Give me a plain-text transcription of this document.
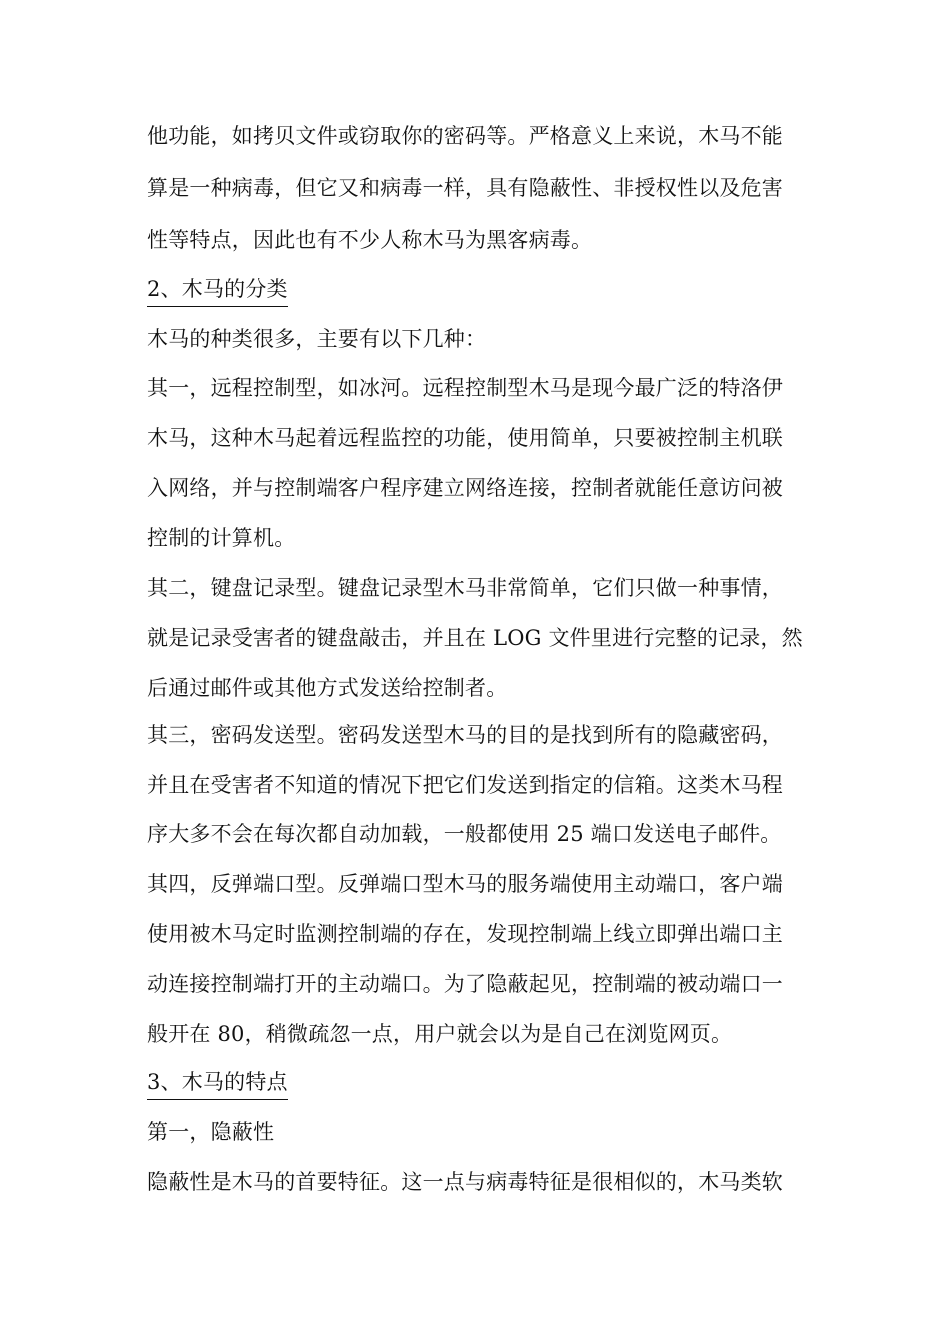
他功能，如拷贝文件或窃取你的密码等。严格意义上来说，木马不能
算是一种病毒，但它又和病毒一样，具有隐蔽性、非授权性以及危害
性等特点，因此也有不少人称木马为黑客病毒。
2、木马的分类
木马的种类很多，主要有以下几种：
其一，远程控制型，如冰河。远程控制型木马是现今最广泛的特洛伊
木马，这种木马起着远程监控的功能，使用简单，只要被控制主机联
入网络，并与控制端客户程序建立网络连接，控制者就能任意访问被
控制的计算机。
其二，键盘记录型。键盘记录型木马非常简单，它们只做一种事情，
就是记录受害者的键盘敲击，并且在 LOG 文件里进行完整的记录，然
后通过邮件或其他方式发送给控制者。
其三，密码发送型。密码发送型木马的目的是找到所有的隐藏密码，
并且在受害者不知道的情况下把它们发送到指定的信箱。这类木马程
序大多不会在每次都自动加载，一般都使用 25 端口发送电子邮件。
其四，反弹端口型。反弹端口型木马的服务端使用主动端口，客户端
使用被木马定时监测控制端的存在，发现控制端上线立即弹出端口主
动连接控制端打开的主动端口。为了隐蔽起见，控制端的被动端口一
般开在 80，稍微疏忽一点，用户就会以为是自己在浏览网页。
3、木马的特点
第一，隐蔽性
隐蔽性是木马的首要特征。这一点与病毒特征是很相似的，木马类软
